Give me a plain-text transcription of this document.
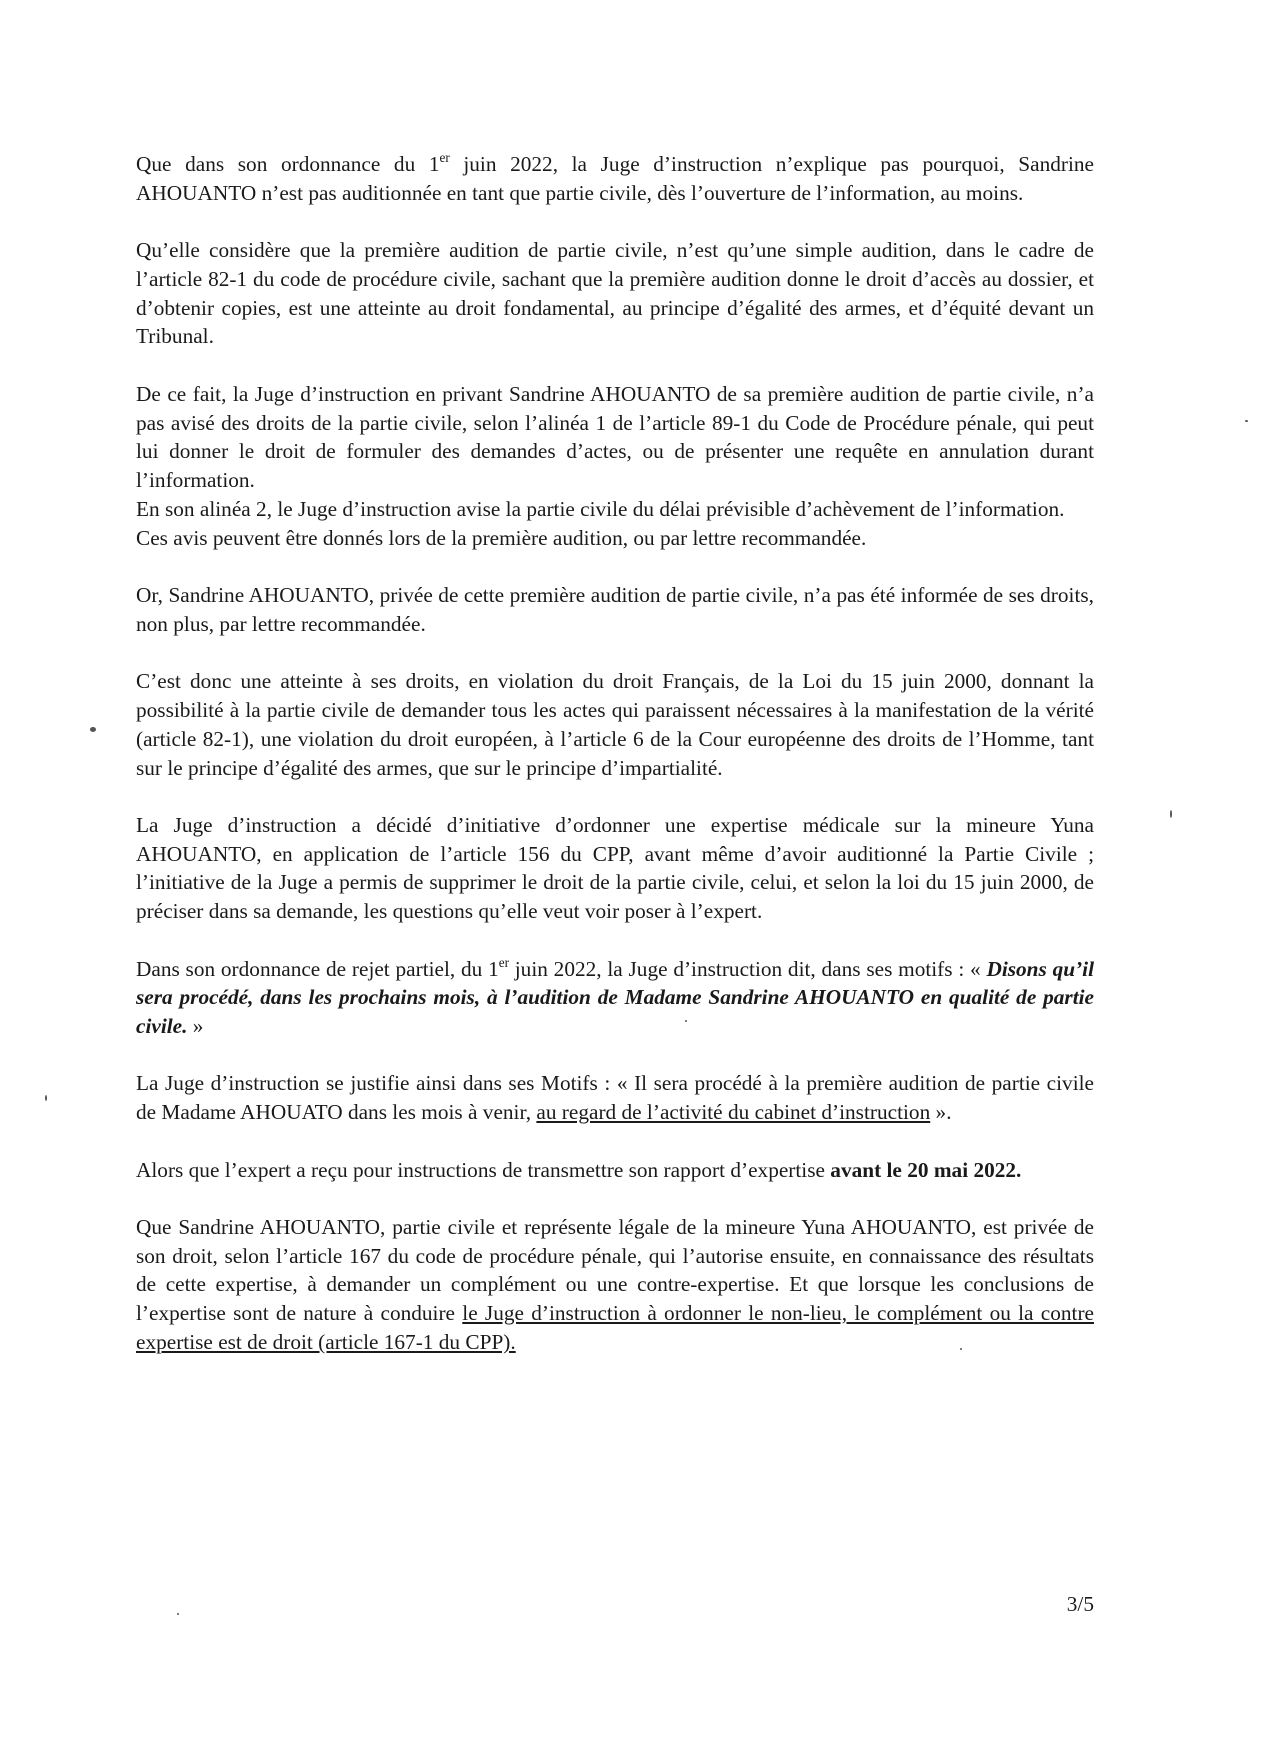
Que dans son ordonnance du 1er juin 2022, la Juge d’instruction n’explique pas pourquoi, Sandrine AHOUANTO n’est pas auditionnée en tant que partie civile, dès l’ouverture de l’information, au moins.

Qu’elle considère que la première audition de partie civile, n’est qu’une simple audition, dans le cadre de l’article 82-1 du code de procédure civile, sachant que la première audition donne le droit d’accès au dossier, et d’obtenir copies, est une atteinte au droit fondamental, au principe d’égalité des armes, et d’équité devant un Tribunal.

De ce fait, la Juge d’instruction en privant Sandrine AHOUANTO de sa première audition de partie civile, n’a pas avisé des droits de la partie civile, selon l’alinéa 1 de l’article 89-1 du Code de Procédure pénale, qui peut lui donner le droit de formuler des demandes d’actes, ou de présenter une requête en annulation durant l’information.

En son alinéa 2, le Juge d’instruction avise la partie civile du délai prévisible d’achèvement de l’information.

Ces avis peuvent être donnés lors de la première audition, ou par lettre recommandée.

Or, Sandrine AHOUANTO, privée de cette première audition de partie civile, n’a pas été informée de ses droits, non plus, par lettre recommandée.

C’est donc une atteinte à ses droits, en violation du droit Français, de la Loi du 15 juin 2000, donnant la possibilité à la partie civile de demander tous les actes qui paraissent nécessaires à la manifestation de la vérité (article 82-1), une violation du droit européen, à l’article 6 de la Cour européenne des droits de l’Homme, tant sur le principe d’égalité des armes, que sur le principe d’impartialité.

La Juge d’instruction a décidé d’initiative d’ordonner une expertise médicale sur la mineure Yuna AHOUANTO, en application de l’article 156 du CPP, avant même d’avoir auditionné la Partie Civile ; l’initiative de la Juge a permis de supprimer le droit de la partie civile, celui, et selon la loi du 15 juin 2000, de préciser dans sa demande, les questions qu’elle veut voir poser à l’expert.

Dans son ordonnance de rejet partiel, du 1er juin 2022, la Juge d’instruction dit, dans ses motifs : « Disons qu’il sera procédé, dans les prochains mois, à l’audition de Madame Sandrine AHOUANTO en qualité de partie civile. »

La Juge d’instruction se justifie ainsi dans ses Motifs : « Il sera procédé à la première audition de partie civile de Madame AHOUATO dans les mois à venir, au regard de l’activité du cabinet d’instruction ».

Alors que l’expert a reçu pour instructions de transmettre son rapport d’expertise avant le 20 mai 2022.

Que Sandrine AHOUANTO, partie civile et représente légale de la mineure Yuna AHOUANTO, est privée de son droit, selon l’article 167 du code de procédure pénale, qui l’autorise ensuite, en connaissance des résultats de cette expertise, à demander un complément ou une contre-expertise. Et que lorsque les conclusions de l’expertise sont de nature à conduire le Juge d’instruction à ordonner le non-lieu, le complément ou la contre expertise est de droit (article 167-1 du CPP).

3/5
